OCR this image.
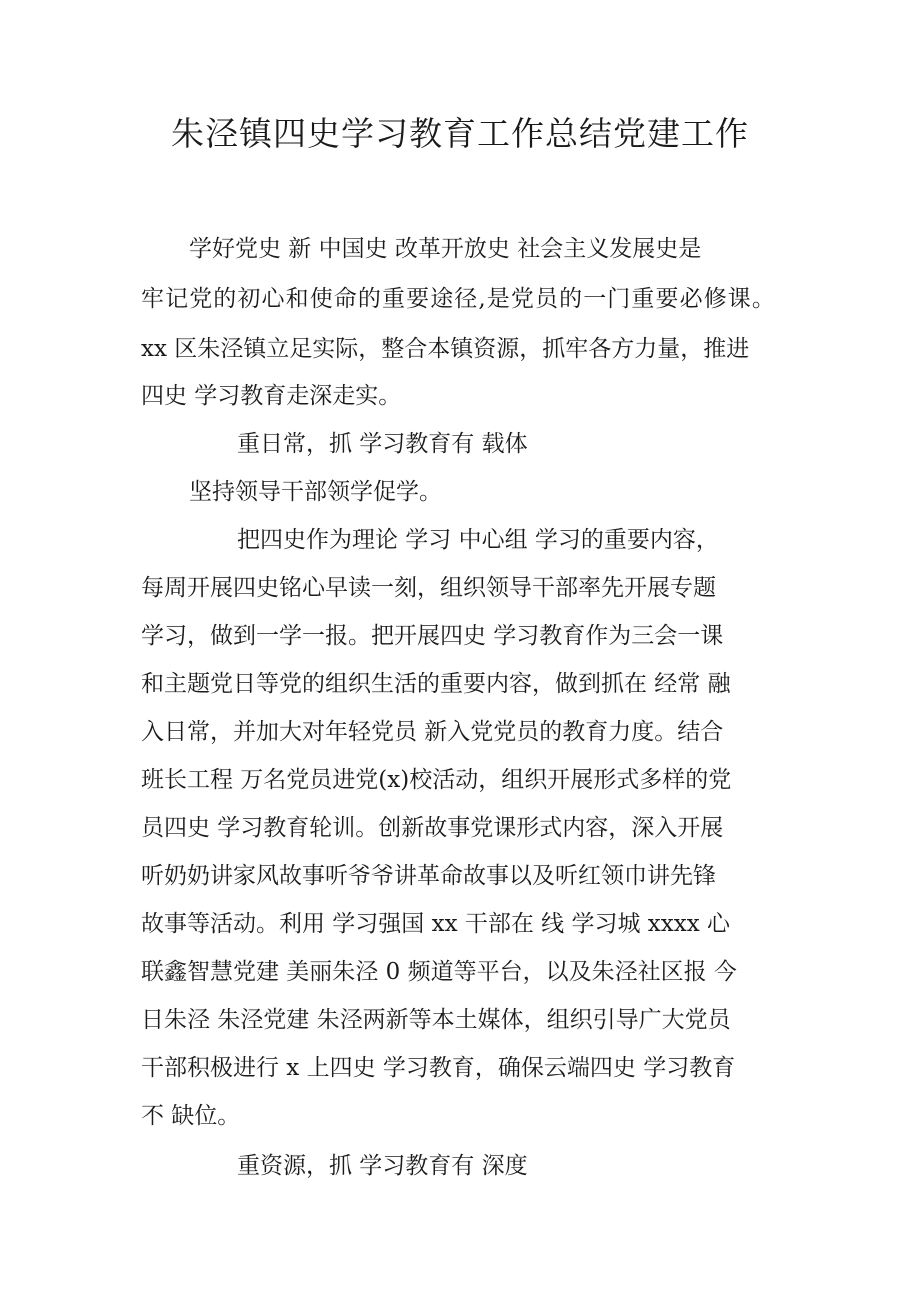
朱泾镇四史学习教育工作总结党建工作
学好党史 新 中国史 改革开放史 社会主义发展史是
牢记党的初心和使命的重要途径,是党员的一门重要必修课。
xx 区朱泾镇立足实际，整合本镇资源，抓牢各方力量，推进
四史 学习教育走深走实。
重日常，抓 学习教育有 载体
坚持领导干部领学促学。
把四史作为理论 学习 中心组 学习的重要内容，
每周开展四史铭心早读一刻，组织领导干部率先开展专题
学习，做到一学一报。把开展四史 学习教育作为三会一课
和主题党日等党的组织生活的重要内容，做到抓在 经常 融
入日常，并加大对年轻党员 新入党党员的教育力度。结合
班长工程 万名党员进党(x)校活动，组织开展形式多样的党
员四史 学习教育轮训。创新故事党课形式内容，深入开展
听奶奶讲家风故事听爷爷讲革命故事以及听红领巾讲先锋
故事等活动。利用 学习强国 xx 干部在 线 学习城 xxxx 心
联鑫智慧党建 美丽朱泾 0 频道等平台，以及朱泾社区报 今
日朱泾 朱泾党建 朱泾两新等本土媒体，组织引导广大党员
干部积极进行 x 上四史 学习教育，确保云端四史 学习教育
不 缺位。
重资源，抓 学习教育有 深度
